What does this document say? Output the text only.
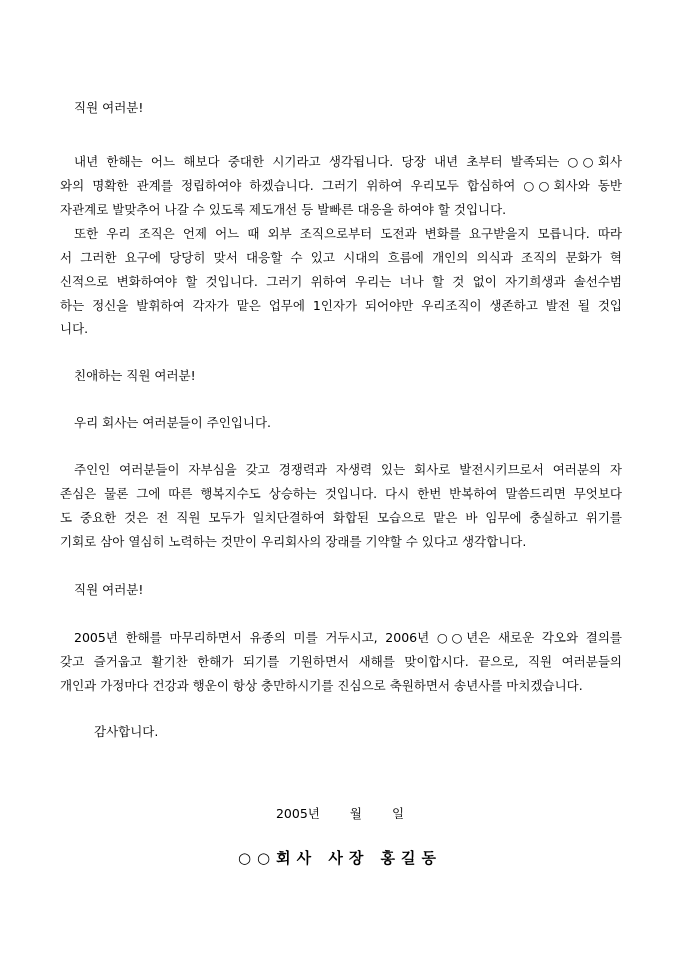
직원 여러분!
내년 한해는 어느 해보다 중대한 시기라고 생각됩니다. 당장 내년 초부터 발족되는 ○○회사
와의 명확한 관계를 정립하여야 하겠습니다. 그러기 위하여 우리모두 합심하여 ○○회사와 동반
자관계로 발맞추어 나갈 수 있도록 제도개선 등 발빠른 대응을 하여야 할 것입니다.
또한 우리 조직은 언제 어느 때 외부 조직으로부터 도전과 변화를 요구받을지 모릅니다. 따라
서 그러한 요구에 당당히 맞서 대응할 수 있고 시대의 흐름에 개인의 의식과 조직의 문화가 혁
신적으로 변화하여야 할 것입니다. 그러기 위하여 우리는 너나 할 것 없이 자기희생과 솔선수범
하는 정신을 발휘하여 각자가 맡은 업무에 1인자가 되어야만 우리조직이 생존하고 발전 될 것입
니다.
친애하는 직원 여러분!
우리 회사는 여러분들이 주인입니다.
주인인 여러분들이 자부심을 갖고 경쟁력과 자생력 있는 회사로 발전시키므로서 여러분의 자
존심은 물론 그에 따른 행복지수도 상승하는 것입니다. 다시 한번 반복하여 말씀드리면 무엇보다
도 중요한 것은 전 직원 모두가 일치단결하여 화합된 모습으로 맡은 바 임무에 충실하고 위기를
기회로 삼아 열심히 노력하는 것만이 우리회사의 장래를 기약할 수 있다고 생각합니다.
직원 여러분!
2005년 한해를 마무리하면서 유종의 미를 거두시고, 2006년 ○○년은 새로운 각오와 결의를
갖고 즐거웁고 활기찬 한해가 되기를 기원하면서 새해를 맞이합시다. 끝으로, 직원 여러분들의
개인과 가정마다 건강과 행운이 항상 충만하시기를 진심으로 축원하면서 송년사를 마치겠습니다.
감사합니다.
2005년 월 일
○○회사 사장 홍길동
